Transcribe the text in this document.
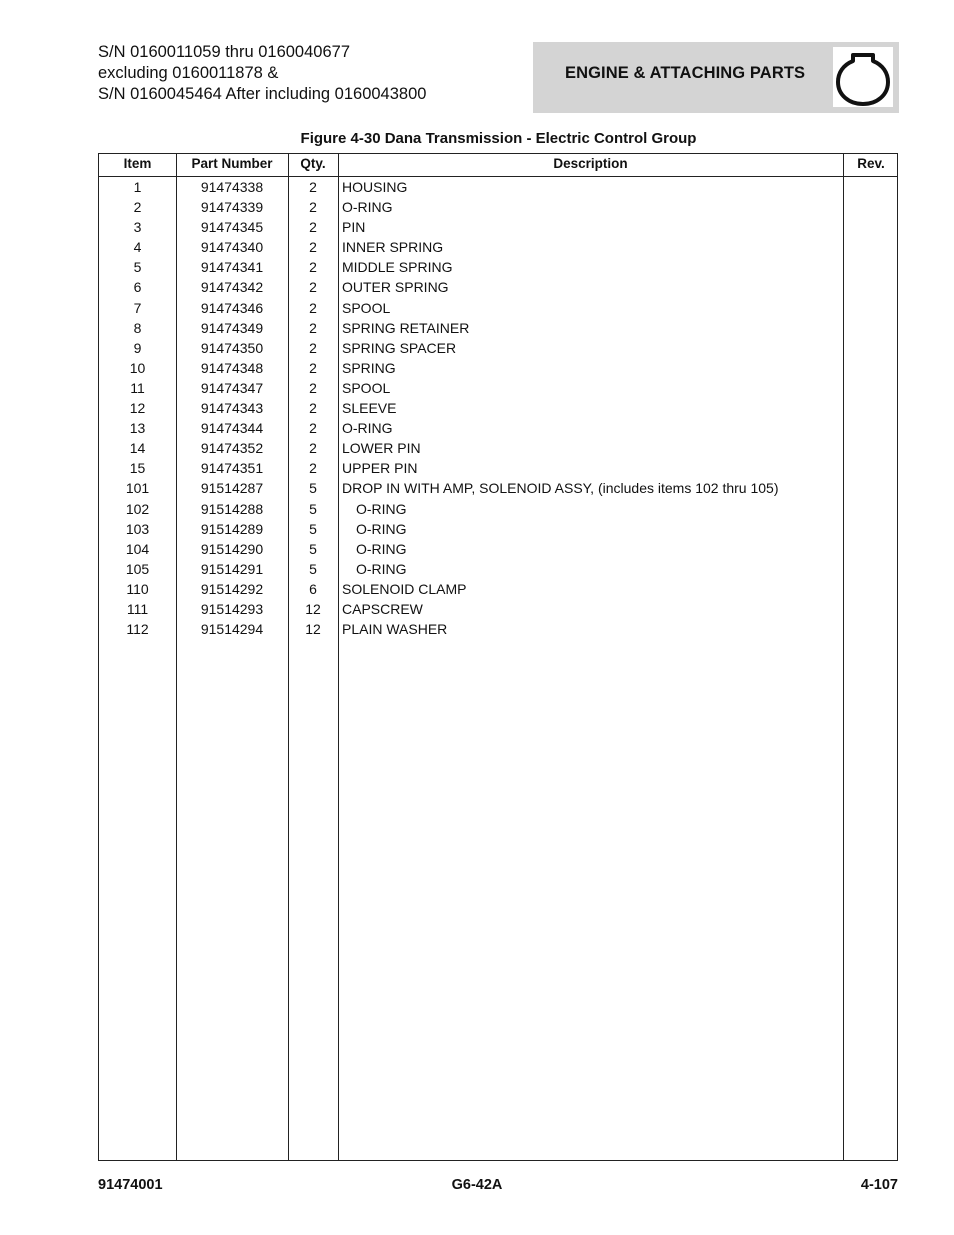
S/N 0160011059 thru 0160040677
excluding 0160011878 &
S/N 0160045464 After including 0160043800
ENGINE & ATTACHING PARTS
Figure 4-30 Dana Transmission - Electric Control Group
Item	Part Number	Qty.	Description	Rev.
1	91474338	2	HOUSING
2	91474339	2	O-RING
3	91474345	2	PIN
4	91474340	2	INNER SPRING
5	91474341	2	MIDDLE SPRING
6	91474342	2	OUTER SPRING
7	91474346	2	SPOOL
8	91474349	2	SPRING RETAINER
9	91474350	2	SPRING SPACER
10	91474348	2	SPRING
11	91474347	2	SPOOL
12	91474343	2	SLEEVE
13	91474344	2	O-RING
14	91474352	2	LOWER PIN
15	91474351	2	UPPER PIN
101	91514287	5	DROP IN WITH AMP, SOLENOID ASSY, (includes items 102 thru 105)
102	91514288	5	O-RING
103	91514289	5	O-RING
104	91514290	5	O-RING
105	91514291	5	O-RING
110	91514292	6	SOLENOID CLAMP
111	91514293	12	CAPSCREW
112	91514294	12	PLAIN WASHER
91474001	G6-42A	4-107
